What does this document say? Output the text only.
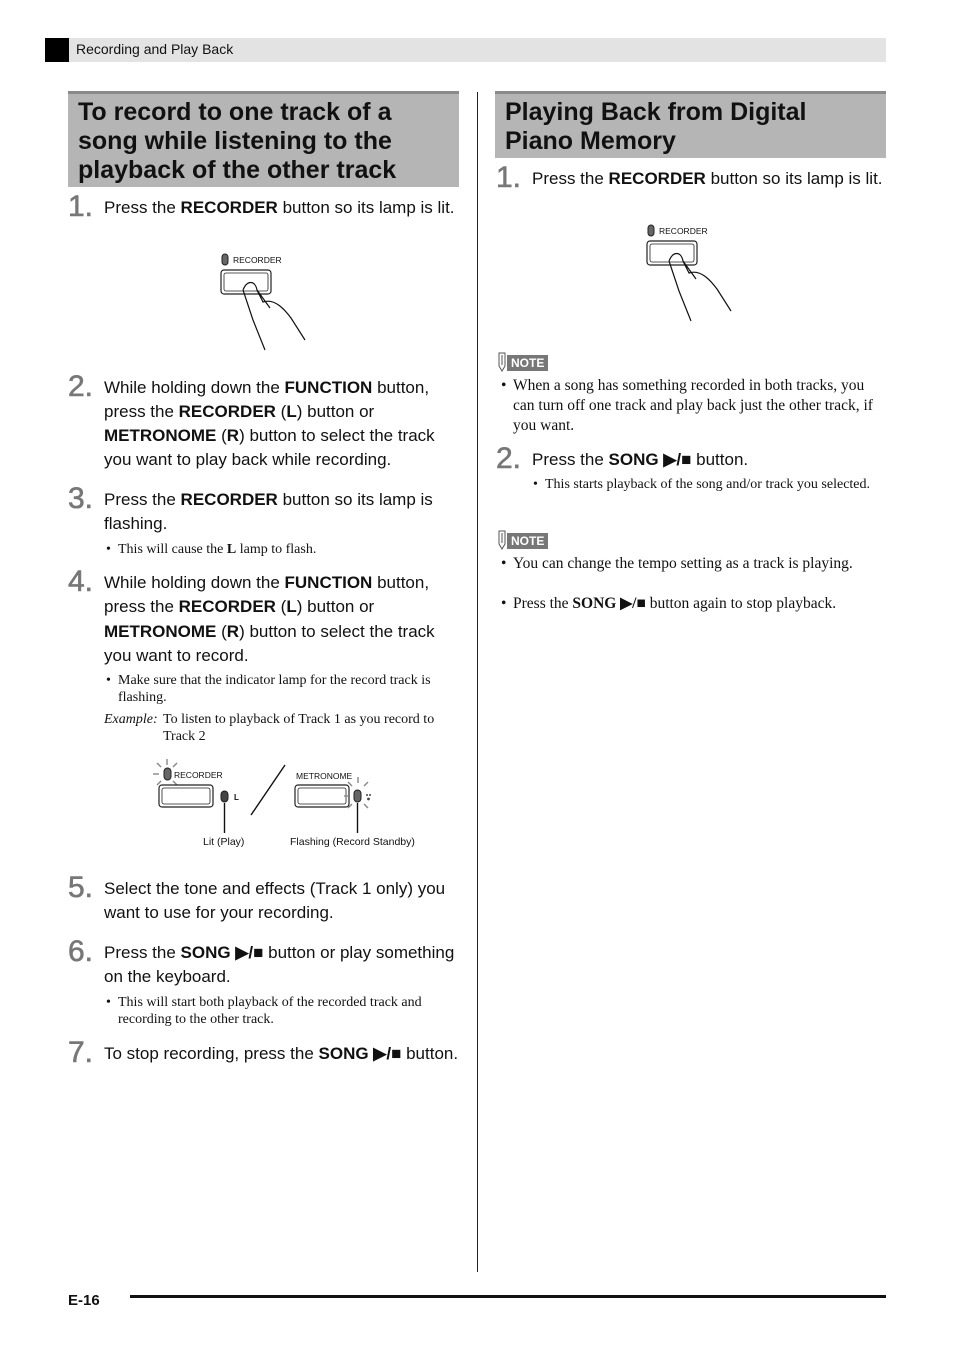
Recording and Play Back
To record to one track of a song while listening to the playback of the other track
1. Press the RECORDER button so its lamp is lit.
RECORDER
2. While holding down the FUNCTION button, press the RECORDER (L) button or METRONOME (R) button to select the track you want to play back while recording.
3. Press the RECORDER button so its lamp is flashing.
• This will cause the L lamp to flash.
4. While holding down the FUNCTION button, press the RECORDER (L) button or METRONOME (R) button to select the track you want to record.
• Make sure that the indicator lamp for the record track is flashing.
Example: To listen to playback of Track 1 as you record to Track 2
RECORDER
L
METRONOME
Lit (Play)	Flashing (Record Standby)
5. Select the tone and effects (Track 1 only) you want to use for your recording.
6. Press the SONG ▶/■ button or play something on the keyboard.
• This will start both playback of the recorded track and recording to the other track.
7. To stop recording, press the SONG ▶/■ button.
Playing Back from Digital Piano Memory
1. Press the RECORDER button so its lamp is lit.
RECORDER
NOTE
• When a song has something recorded in both tracks, you can turn off one track and play back just the other track, if you want.
2. Press the SONG ▶/■ button.
• This starts playback of the song and/or track you selected.
NOTE
• You can change the tempo setting as a track is playing.
• Press the SONG ▶/■ button again to stop playback.
E-16
